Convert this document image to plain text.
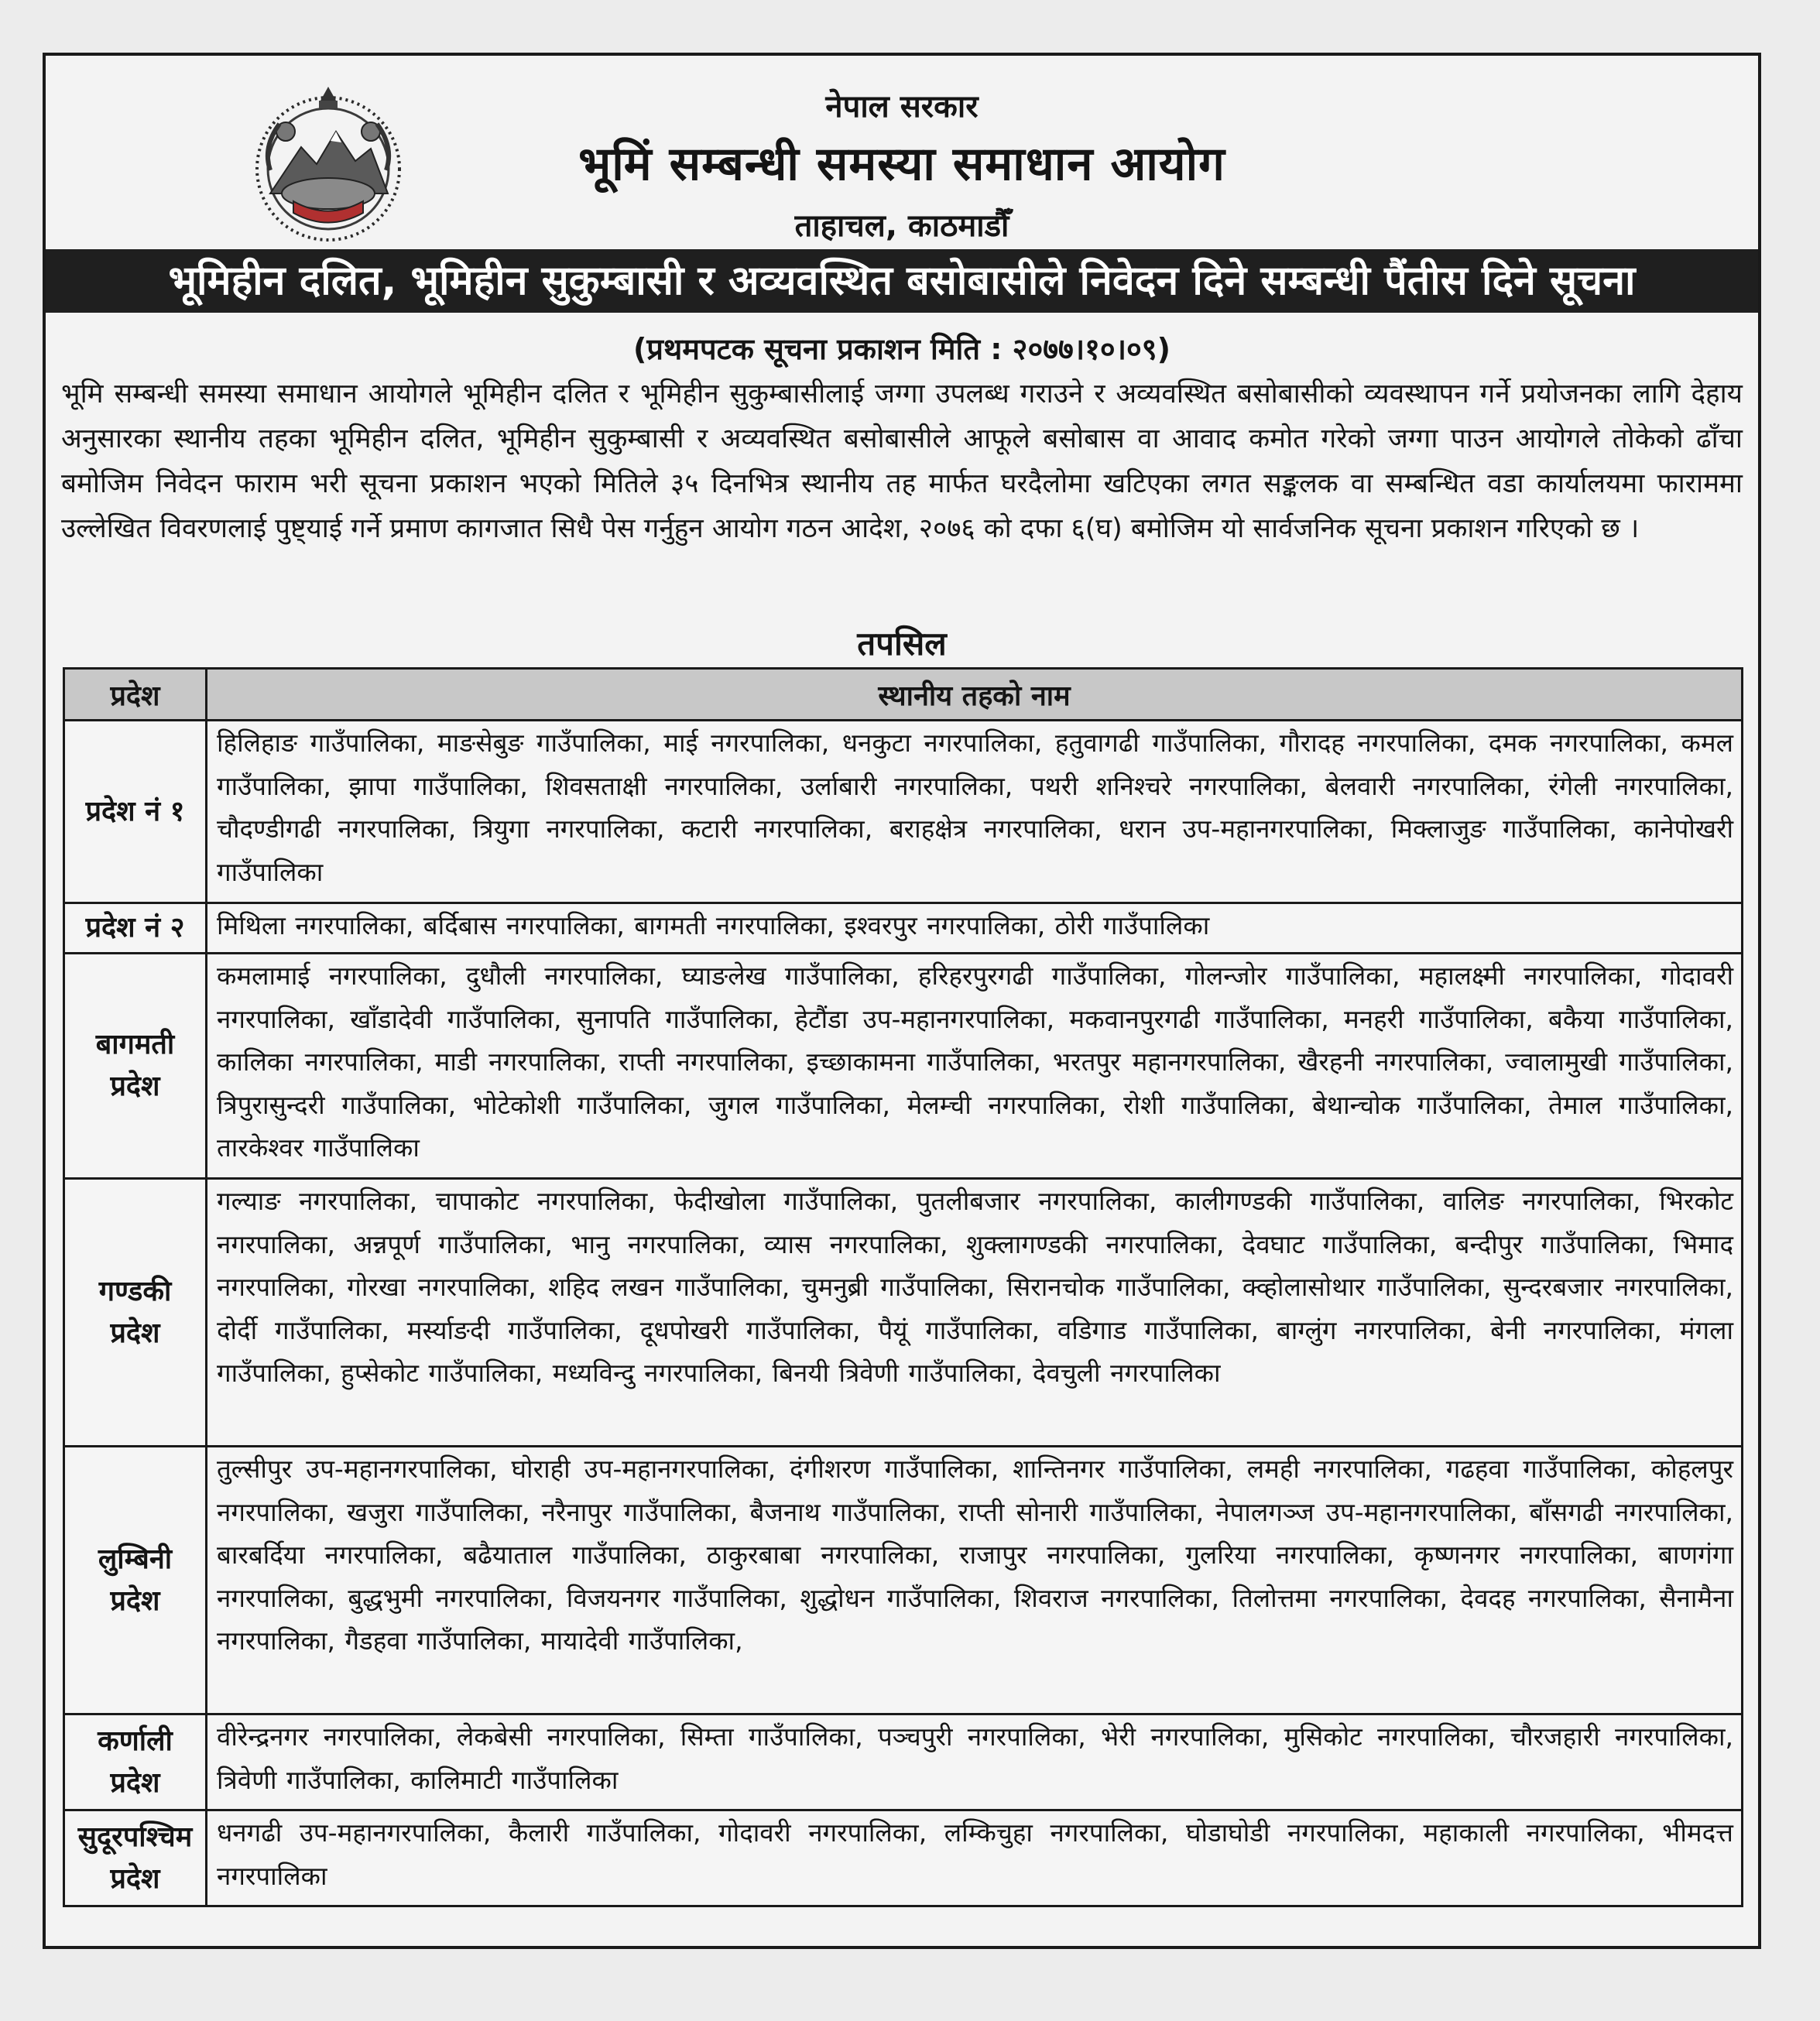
नेपाल सरकार
भूमिं सम्बन्धी समस्या समाधान आयोग
ताहाचल, काठमाडौँ
भूमिहीन दलित, भूमिहीन सुकुम्बासी र अव्यवस्थित बसोबासीले निवेदन दिने सम्बन्धी पैंतीस दिने सूचना
(प्रथमपटक सूचना प्रकाशन मिति : २०७७।१०।०९)

भूमि सम्बन्धी समस्या समाधान आयोगले भूमिहीन दलित र भूमिहीन सुकुम्बासीलाई जग्गा उपलब्ध गराउने र अव्यवस्थित बसोबासीको व्यवस्थापन गर्ने प्रयोजनका लागि देहाय अनुसारका स्थानीय तहका भूमिहीन दलित, भूमिहीन सुकुम्बासी र अव्यवस्थित बसोबासीले आफूले बसोबास वा आवाद कमोत गरेको जग्गा पाउन आयोगले तोकेको ढाँचा बमोजिम निवेदन फाराम भरी सूचना प्रकाशन भएको मितिले ३५ दिनभित्र स्थानीय तह मार्फत घरदैलोमा खटिएका लगत सङ्कलक वा सम्बन्धित वडा कार्यालयमा फाराममा उल्लेखित विवरणलाई पुष्ट्याई गर्ने प्रमाण कागजात सिधै पेस गर्नुहुन आयोग गठन आदेश, २०७६ को दफा ६(घ) बमोजिम यो सार्वजनिक सूचना प्रकाशन गरिएको छ ।

तपसिल
प्रदेश	स्थानीय तहको नाम
प्रदेश नं १	हिलिहाङ गाउँपालिका, माङसेबुङ गाउँपालिका, माई नगरपालिका, धनकुटा नगरपालिका, हतुवागढी गाउँपालिका, गौरादह नगरपालिका, दमक नगरपालिका, कमल गाउँपालिका, झापा गाउँपालिका, शिवसताक्षी नगरपालिका, उर्लाबारी नगरपालिका, पथरी शनिश्चरे नगरपालिका, बेलवारी नगरपालिका, रंगेली नगरपालिका, चौदण्डीगढी नगरपालिका, त्रियुगा नगरपालिका, कटारी नगरपालिका, बराहक्षेत्र नगरपालिका, धरान उप-महानगरपालिका, मिक्लाजुङ गाउँपालिका, कानेपोखरी गाउँपालिका
प्रदेश नं २	मिथिला नगरपालिका, बर्दिबास नगरपालिका, बागमती नगरपालिका, इश्वरपुर नगरपालिका, ठोरी गाउँपालिका
बागमती प्रदेश	कमलामाई नगरपालिका, दुधौली नगरपालिका, घ्याङलेख गाउँपालिका, हरिहरपुरगढी गाउँपालिका, गोलन्जोर गाउँपालिका, महालक्ष्मी नगरपालिका, गोदावरी नगरपालिका, खाँडादेवी गाउँपालिका, सुनापति गाउँपालिका, हेटौंडा उप-महानगरपालिका, मकवानपुरगढी गाउँपालिका, मनहरी गाउँपालिका, बकैया गाउँपालिका, कालिका नगरपालिका, माडी नगरपालिका, राप्ती नगरपालिका, इच्छाकामना गाउँपालिका, भरतपुर महानगरपालिका, खैरहनी नगरपालिका, ज्वालामुखी गाउँपालिका, त्रिपुरासुन्दरी गाउँपालिका, भोटेकोशी गाउँपालिका, जुगल गाउँपालिका, मेलम्ची नगरपालिका, रोशी गाउँपालिका, बेथान्चोक गाउँपालिका, तेमाल गाउँपालिका, तारकेश्वर गाउँपालिका
गण्डकी प्रदेश	गल्याङ नगरपालिका, चापाकोट नगरपालिका, फेदीखोला गाउँपालिका, पुतलीबजार नगरपालिका, कालीगण्डकी गाउँपालिका, वालिङ नगरपालिका, भिरकोट नगरपालिका, अन्नपूर्ण गाउँपालिका, भानु नगरपालिका, व्यास नगरपालिका, शुक्लागण्डकी नगरपालिका, देवघाट गाउँपालिका, बन्दीपुर गाउँपालिका, भिमाद नगरपालिका, गोरखा नगरपालिका, शहिद लखन गाउँपालिका, चुमनुब्री गाउँपालिका, सिरानचोक गाउँपालिका, क्व्होलासोथार गाउँपालिका, सुन्दरबजार नगरपालिका, दोर्दी गाउँपालिका, मर्स्याङदी गाउँपालिका, दूधपोखरी गाउँपालिका, पैयूं गाउँपालिका, वडिगाड गाउँपालिका, बाग्लुंग नगरपालिका, बेनी नगरपालिका, मंगला गाउँपालिका, हुप्सेकोट गाउँपालिका, मध्यविन्दु नगरपालिका, बिनयी त्रिवेणी गाउँपालिका, देवचुली नगरपालिका
लुम्बिनी प्रदेश	तुल्सीपुर उप-महानगरपालिका, घोराही उप-महानगरपालिका, दंगीशरण गाउँपालिका, शान्तिनगर गाउँपालिका, लमही नगरपालिका, गढहवा गाउँपालिका, कोहलपुर नगरपालिका, खजुरा गाउँपालिका, नरैनापुर गाउँपालिका, बैजनाथ गाउँपालिका, राप्ती सोनारी गाउँपालिका, नेपालगञ्ज उप-महानगरपालिका, बाँसगढी नगरपालिका, बारबर्दिया नगरपालिका, बढैयाताल गाउँपालिका, ठाकुरबाबा नगरपालिका, राजापुर नगरपालिका, गुलरिया नगरपालिका, कृष्णनगर नगरपालिका, बाणगंगा नगरपालिका, बुद्धभुमी नगरपालिका, विजयनगर गाउँपालिका, शुद्धोधन गाउँपालिका, शिवराज नगरपालिका, तिलोत्तमा नगरपालिका, देवदह नगरपालिका, सैनामैना नगरपालिका, गैडहवा गाउँपालिका, मायादेवी गाउँपालिका,
कर्णाली प्रदेश	वीरेन्द्रनगर नगरपालिका, लेकबेसी नगरपालिका, सिम्ता गाउँपालिका, पञ्चपुरी नगरपालिका, भेरी नगरपालिका, मुसिकोट नगरपालिका, चौरजहारी नगरपालिका, त्रिवेणी गाउँपालिका, कालिमाटी गाउँपालिका
सुदूरपश्चिम प्रदेश	धनगढी उप-महानगरपालिका, कैलारी गाउँपालिका, गोदावरी नगरपालिका, लम्किचुहा नगरपालिका, घोडाघोडी नगरपालिका, महाकाली नगरपालिका, भीमदत्त नगरपालिका
